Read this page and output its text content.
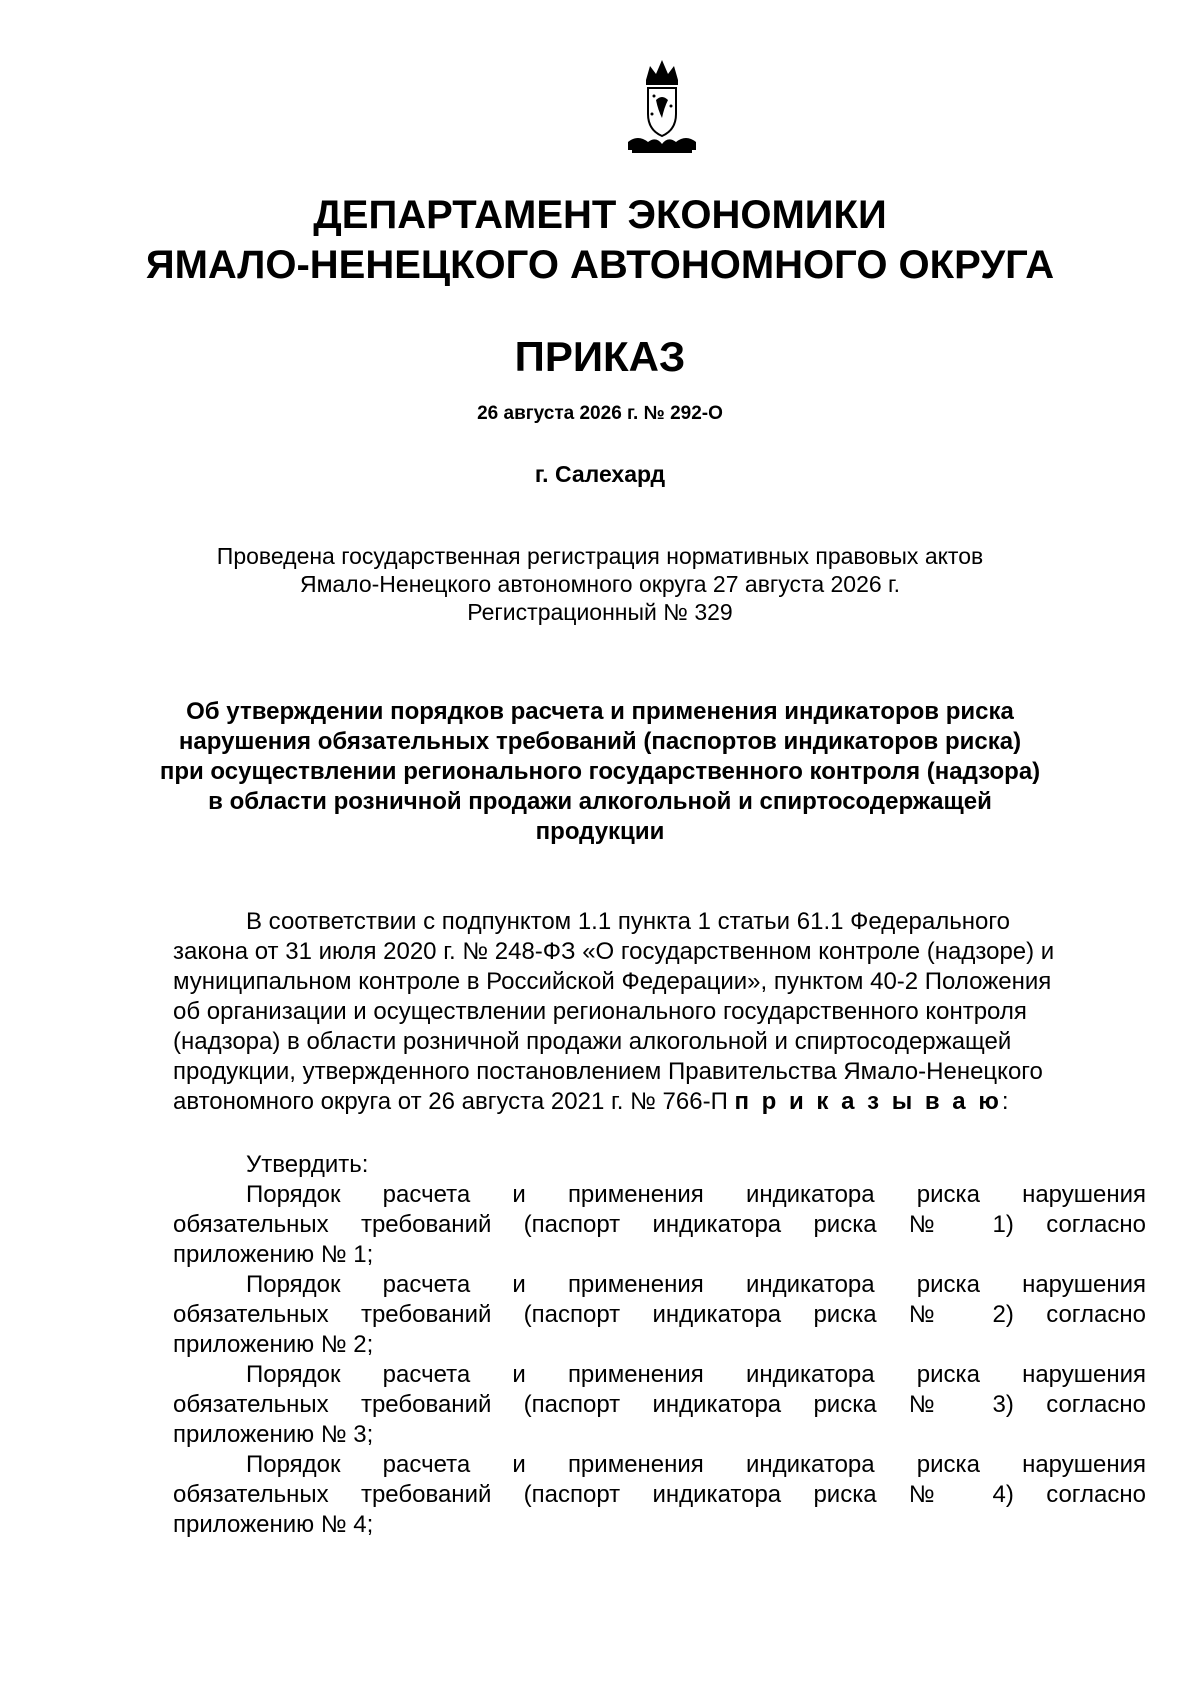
ДЕПАРТАМЕНТ ЭКОНОМИКИ
ЯМАЛО-НЕНЕЦКОГО АВТОНОМНОГО ОКРУГА
ПРИКАЗ
26 августа 2026 г. № 292-О
г. Салехард
Проведена государственная регистрация нормативных правовых актов
Ямало-Ненецкого автономного округа 27 августа 2026 г.
Регистрационный № 329
Об утверждении порядков расчета и применения индикаторов риска
нарушения обязательных требований (паспортов индикаторов риска)
при осуществлении регионального государственного контроля (надзора)
в области розничной продажи алкогольной и спиртосодержащей
продукции
В соответствии с подпунктом 1.1 пункта 1 статьи 61.1 Федерального
закона от 31 июля 2020 г. № 248-ФЗ «О государственном контроле (надзоре) и
муниципальном контроле в Российской Федерации», пунктом 40-2 Положения
об организации и осуществлении регионального государственного контроля
(надзора) в области розничной продажи алкогольной и спиртосодержащей
продукции, утвержденного постановлением Правительства Ямало-Ненецкого
автономного округа от 26 августа 2021 г. № 766-П п р и к а з ы в а ю:
Утвердить:
Порядок расчета и применения индикатора риска нарушения
обязательных требований (паспорт индикатора риска № 1) согласно
приложению № 1;
Порядок расчета и применения индикатора риска нарушения
обязательных требований (паспорт индикатора риска № 2) согласно
приложению № 2;
Порядок расчета и применения индикатора риска нарушения
обязательных требований (паспорт индикатора риска № 3) согласно
приложению № 3;
Порядок расчета и применения индикатора риска нарушения
обязательных требований (паспорт индикатора риска № 4) согласно
приложению № 4;
